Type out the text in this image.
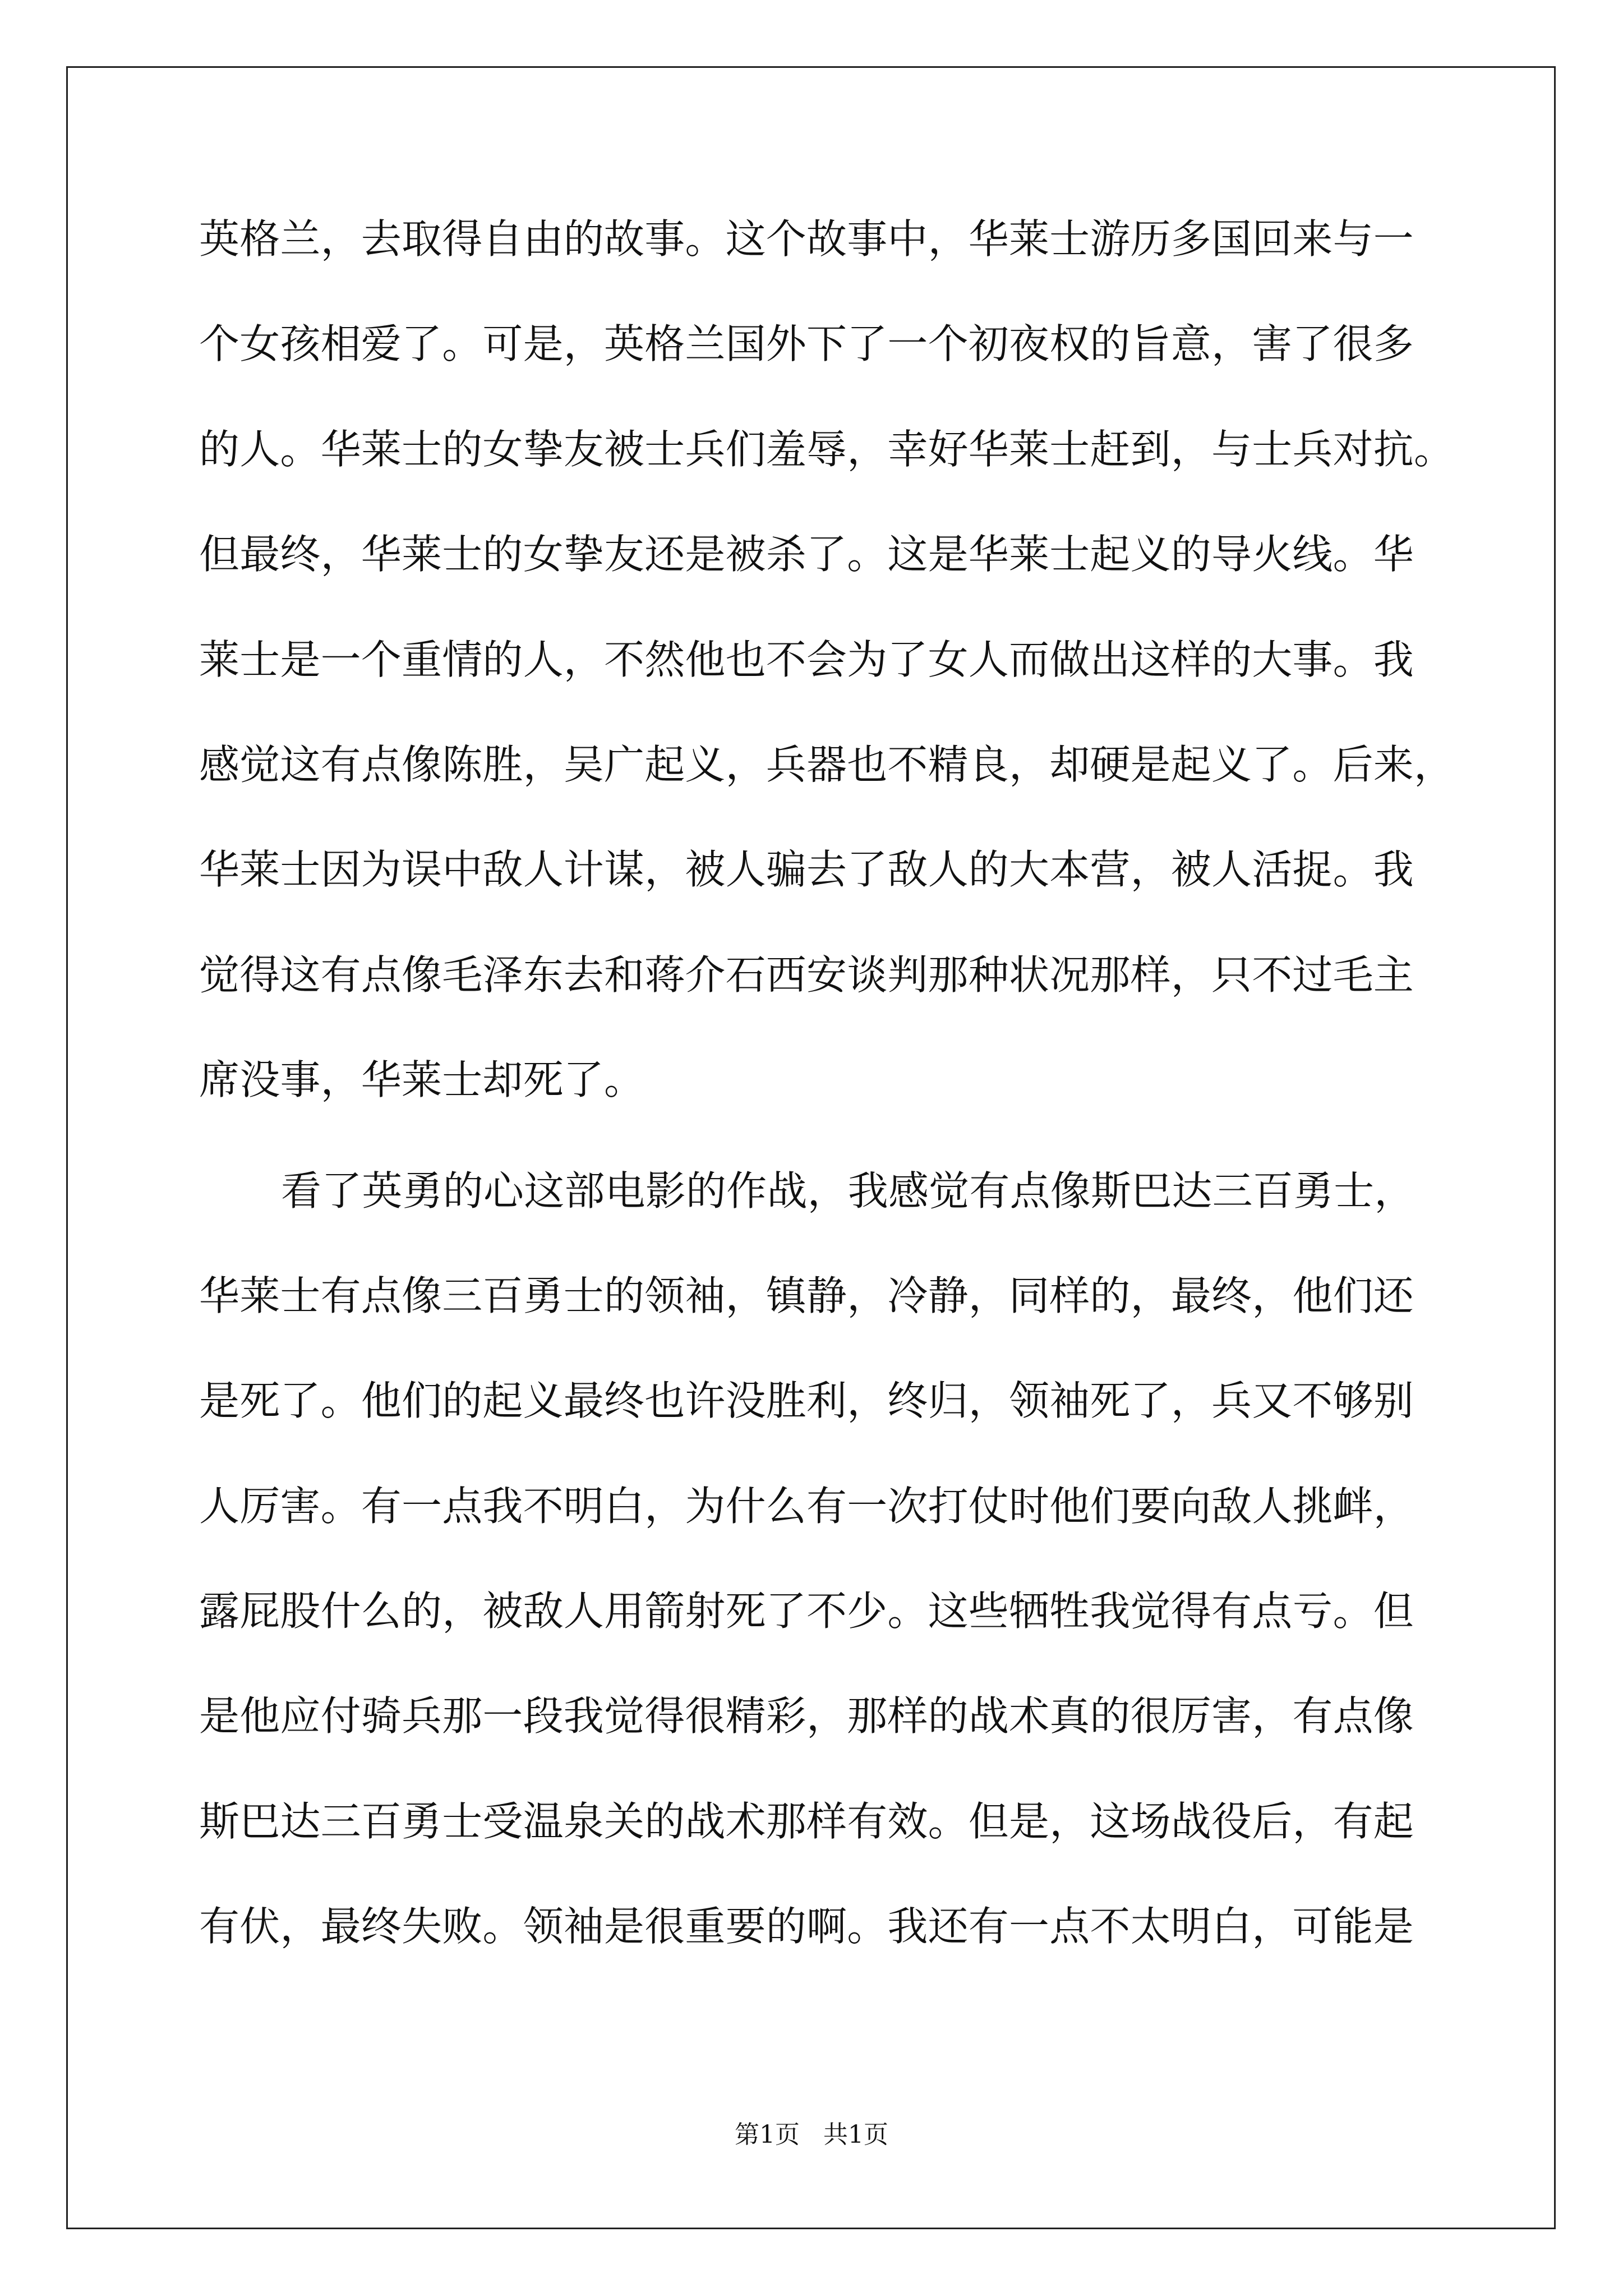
英格兰，去取得自由的故事。这个故事中，华莱士游历多国回来与一
个女孩相爱了。可是，英格兰国外下了一个初夜权的旨意，害了很多
的人。华莱士的女挚友被士兵们羞辱，幸好华莱士赶到，与士兵对抗。
但最终，华莱士的女挚友还是被杀了。这是华莱士起义的导火线。华
莱士是一个重情的人，不然他也不会为了女人而做出这样的大事。我
感觉这有点像陈胜，吴广起义，兵器也不精良，却硬是起义了。后来，
华莱士因为误中敌人计谋，被人骗去了敌人的大本营，被人活捉。我
觉得这有点像毛泽东去和蒋介石西安谈判那种状况那样，只不过毛主
席没事，华莱士却死了。
看了英勇的心这部电影的作战，我感觉有点像斯巴达三百勇士，
华莱士有点像三百勇士的领袖，镇静，冷静，同样的，最终，他们还
是死了。他们的起义最终也许没胜利，终归，领袖死了，兵又不够别
人厉害。有一点我不明白，为什么有一次打仗时他们要向敌人挑衅，
露屁股什么的，被敌人用箭射死了不少。这些牺牲我觉得有点亏。但
是他应付骑兵那一段我觉得很精彩，那样的战术真的很厉害，有点像
斯巴达三百勇士受温泉关的战术那样有效。但是，这场战役后，有起
有伏，最终失败。领袖是很重要的啊。我还有一点不太明白，可能是
第1页   共1页
